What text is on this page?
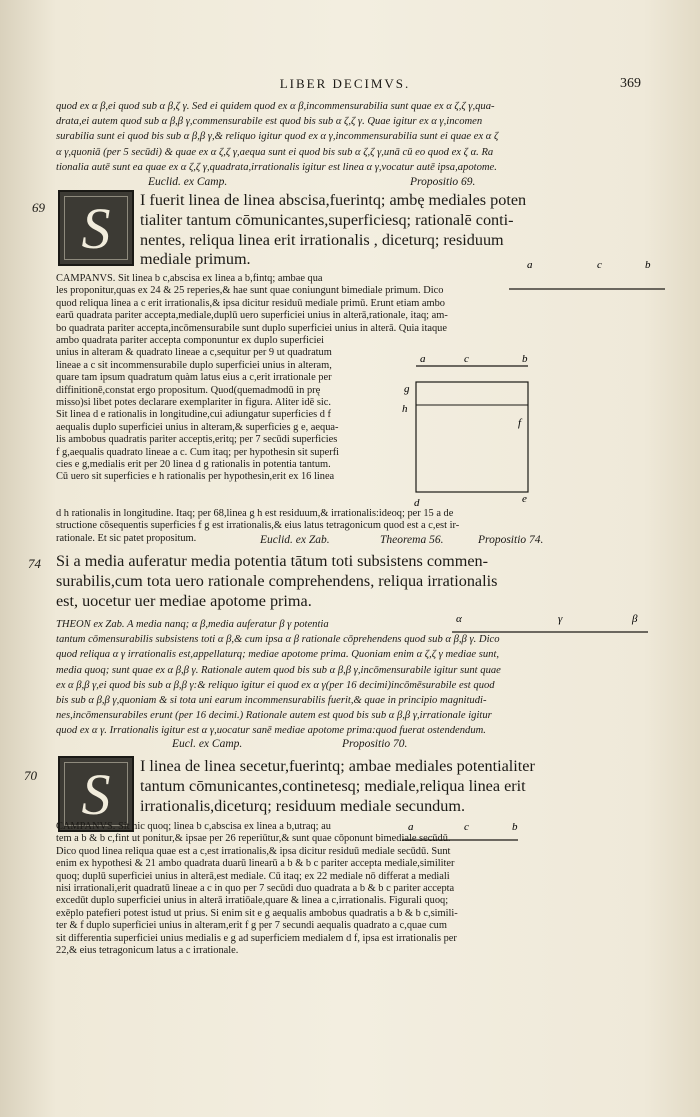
LIBER DECIMVS.	369
quod ex α β,ei quod sub α β,ζ γ. Sed ei quidem quod ex α β,incommensurabilia sunt quae ex α ζ,ζ γ,qua-
drata,ei autem quod sub α β,β γ,commensurabile est quod bis sub α ζ,ζ γ. Quae igitur ex α γ,incomen
surabilia sunt ei quod bis sub α β,β γ,& reliquo igitur quod ex α γ,incommensurabilia sunt ei quae ex α ζ
α γ,quoniā (per 5 secūdi) & quae ex α ζ,ζ γ,aequa sunt ei quod bis sub α ζ,ζ γ,unā cū eo quod ex ζ α. Ra
tionalia autē sunt ea quae ex α ζ,ζ γ,quadrata,irrationalis igitur est linea α γ,vocatur autē ipsa,apotome.
Euclid. ex Camp.	Propositio 69.
69 S	I fuerit linea de linea abscisa,fuerintq; ambę mediales poten
tialiter tantum cōmunicantes,superficiesq; rationalē conti-
nentes, reliqua linea erit irrationalis , diceturq; residuum
mediale primum.
CAMPANVS. Sit linea b c,abscisa ex linea a b,fintq; ambae qua
les proponitur,quas ex 24 & 25 reperies,& hae sunt quae coniungunt bimediale primum. Dico
quod reliqua linea a c erit irrationalis,& ipsa dicitur residuū mediale primū. Erunt etiam ambo
earū quadrata pariter accepta,mediale,duplū uero superficiei unius in alterā,rationale, itaq; am-
bo quadrata pariter accepta,incōmensurabile sunt duplo superficiei unius in alterā. Quia itaque
ambo quadrata pariter accepta componuntur ex duplo superficiei
unius in alteram & quadrato lineae a c,sequitur per 9 ut quadratum
lineae a c sit incommensurabile duplo superficiei unius in alteram,
quare tam ipsum quadratum quàm latus eius a c,erit irrationale per
diffinitionē,constat ergo propositum. Quod(quemadmodū in prę
misso)si libet potes declarare exemplariter in figura. Aliter idē sic.
Sit linea d e rationalis in longitudine,cui adiungatur superficies d f
aequalis duplo superficiei unius in alteram,& superficies g e, aequa-
lis ambobus quadratis pariter acceptis,eritq; per 7 secūdi superficies
f g,aequalis quadrato lineae a c. Cum itaq; per hypothesin sit superfi
cies e g,medialis erit per 20 linea d g rationalis in potentia tantum.
Cū uero sit superficies e h rationalis per hypothesin,erit ex 16 linea
d h rationalis in longitudine. Itaq; per 68,linea g h est residuum,& irrationalis:ideoq; per 15 a de
structione cōsequentis superficies f g est irrationalis,& eius latus tetragonicum quod est a c,est ir-
rationale. Et sic patet propositum.	Euclid. ex Zab.	Theorema 56.	Propositio 74.
a	c	b
a	c	b
g
h
f
d	e
74 Si a media auferatur media potentia tātum toti subsistens commen-
surabilis,cum tota uero rationale comprehendens, reliqua irrationalis
est, uocetur uer mediae apotome prima.
THEON ex Zab. A media nanq; α β,media auferatur β γ potentia
tantum cōmensurabilis subsistens toti α β,& cum ipsa α β rationale cōprehendens quod sub α β,β γ. Dico
quod reliqua α γ irrationalis est,appellaturq; mediae apotome prima. Quoniam enim α ζ,ζ γ mediae sunt,
media quoq; sunt quae ex α β,β γ. Rationale autem quod bis sub α β,β γ,incōmensurabile igitur sunt quae
ex α β,β γ,ei quod bis sub α β,β γ:& reliquo igitur ei quod ex α γ(per 16 decimi)incōmēsurabile est quod
bis sub α β,β γ,quoniam & si tota uni earum incommensurabilis fuerit,& quae in principio magnitudi-
nes,incōmensurabiles erunt (per 16 decimi.) Rationale autem est quod bis sub α β,β γ,irrationale igitur
quod ex α γ. Irrationalis igitur est α γ,uocatur sanē mediae apotome prima:quod fuerat ostendendum.
α	γ	β
Eucl. ex Camp.	Propositio 70.
70 S	I linea de linea secetur,fuerintq; ambae mediales potentialiter
tantum cōmunicantes,continetesq; mediale,reliqua linea erit
irrationalis,diceturq; residuum mediale secundum.
a	c	b
CAMPANVS. Sit hic quoq; linea b c,abscisa ex linea a b,utraq; au
tem a b & b c,fint ut ponitur,& ipsae per 26 reperiūtur,& sunt quae cōponunt bimediale secūdū.
Dico quod linea reliqua quae est a c,est irrationalis,& ipsa dicitur residuū mediale secūdū. Sunt
enim ex hypothesi & 21 ambo quadrata duarū linearū a b & b c pariter accepta mediale,similiter
quoq; duplū superficiei unius in alterā,est mediale. Cū itaq; ex 22 mediale nō differat a mediali
nisi irrationali,erit quadratū lineae a c in quo per 7 secūdi duo quadrata a b & b c pariter accepta
excedūt duplo superficiei unius in alterā irratiōale,quare & linea a c,irrationalis. Figurali quoq;
exēplo patefieri potest istud ut prius. Si enim sit e g aequalis ambobus quadratis a b & b c,simili-
ter & f duplo superficiei unius in alteram,erit f g per 7 secundi aequalis quadrato a c,quae cum
sit differentia superficiei unius medialis e g ad superficiem medialem d f, ipsa est irrationalis per
22,& eius tetragonicum latus a c irrationale.
